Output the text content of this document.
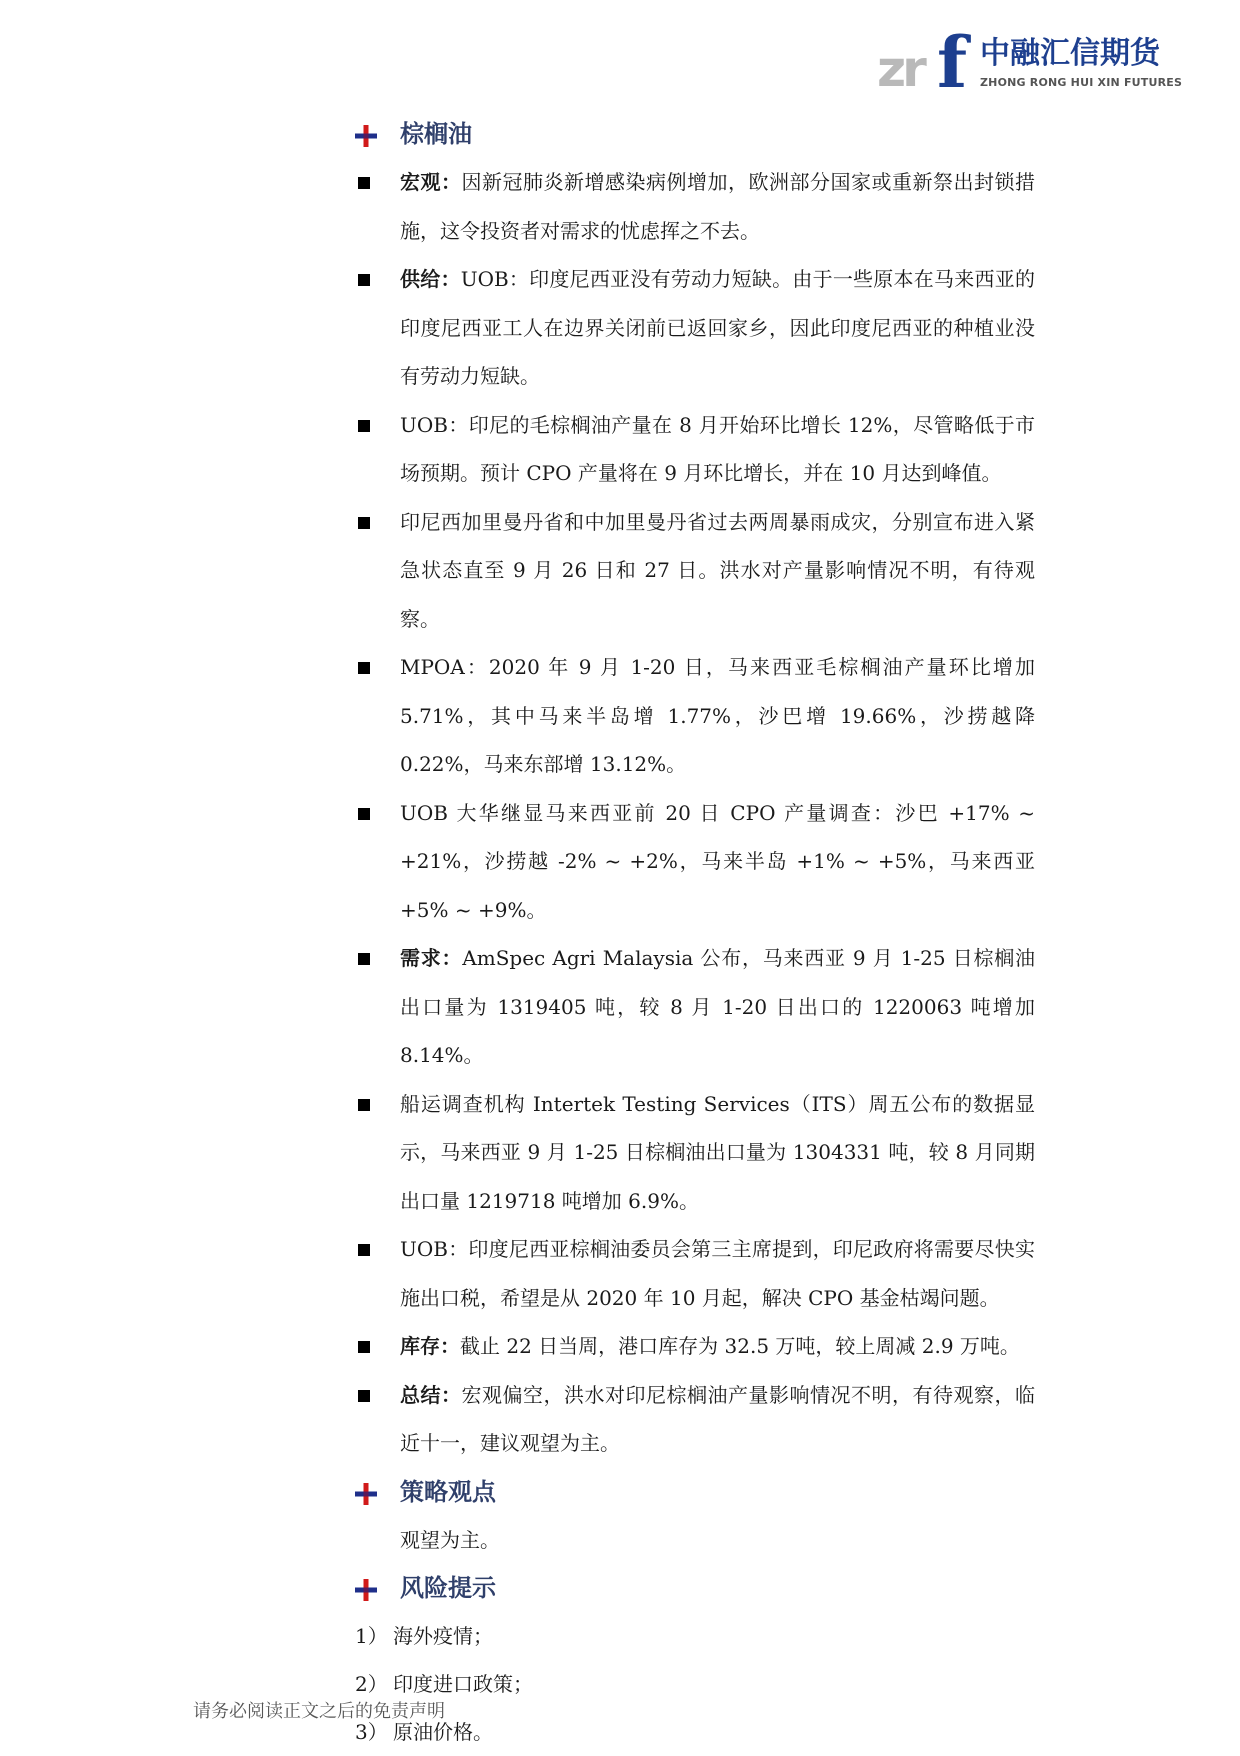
zr f 中融汇信期货
ZHONG RONG HUI XIN FUTURES
棕榈油
宏观：因新冠肺炎新增感染病例增加，欧洲部分国家或重新祭出封锁措施，这令投资者对需求的忧虑挥之不去。
供给：UOB：印度尼西亚没有劳动力短缺。由于一些原本在马来西亚的印度尼西亚工人在边界关闭前已返回家乡，因此印度尼西亚的种植业没有劳动力短缺。
UOB：印尼的毛棕榈油产量在 8 月开始环比增长 12%，尽管略低于市场预期。预计 CPO 产量将在 9 月环比增长，并在 10 月达到峰值。
印尼西加里曼丹省和中加里曼丹省过去两周暴雨成灾，分别宣布进入紧急状态直至 9 月 26 日和 27 日。洪水对产量影响情况不明，有待观察。
MPOA：2020 年 9 月 1-20 日，马来西亚毛棕榈油产量环比增加 5.71%，其中马来半岛增 1.77%，沙巴增 19.66%，沙捞越降 0.22%，马来东部增 13.12%。
UOB 大华继显马来西亚前 20 日 CPO 产量调查：沙巴 +17% ~ +21%，沙捞越 -2% ~ +2%，马来半岛 +1% ~ +5%，马来西亚 +5% ~ +9%。
需求：AmSpec Agri Malaysia 公布，马来西亚 9 月 1-25 日棕榈油出口量为 1319405 吨，较 8 月 1-20 日出口的 1220063 吨增加 8.14%。
船运调查机构 Intertek Testing Services（ITS）周五公布的数据显示，马来西亚 9 月 1-25 日棕榈油出口量为 1304331 吨，较 8 月同期出口量 1219718 吨增加 6.9%。
UOB：印度尼西亚棕榈油委员会第三主席提到，印尼政府将需要尽快实施出口税，希望是从 2020 年 10 月起，解决 CPO 基金枯竭问题。
库存：截止 22 日当周，港口库存为 32.5 万吨，较上周减 2.9 万吨。
总结：宏观偏空，洪水对印尼棕榈油产量影响情况不明，有待观察，临近十一，建议观望为主。
策略观点
观望为主。
风险提示
1） 海外疫情；
2） 印度进口政策；
3） 原油价格。
请务必阅读正文之后的免责声明
